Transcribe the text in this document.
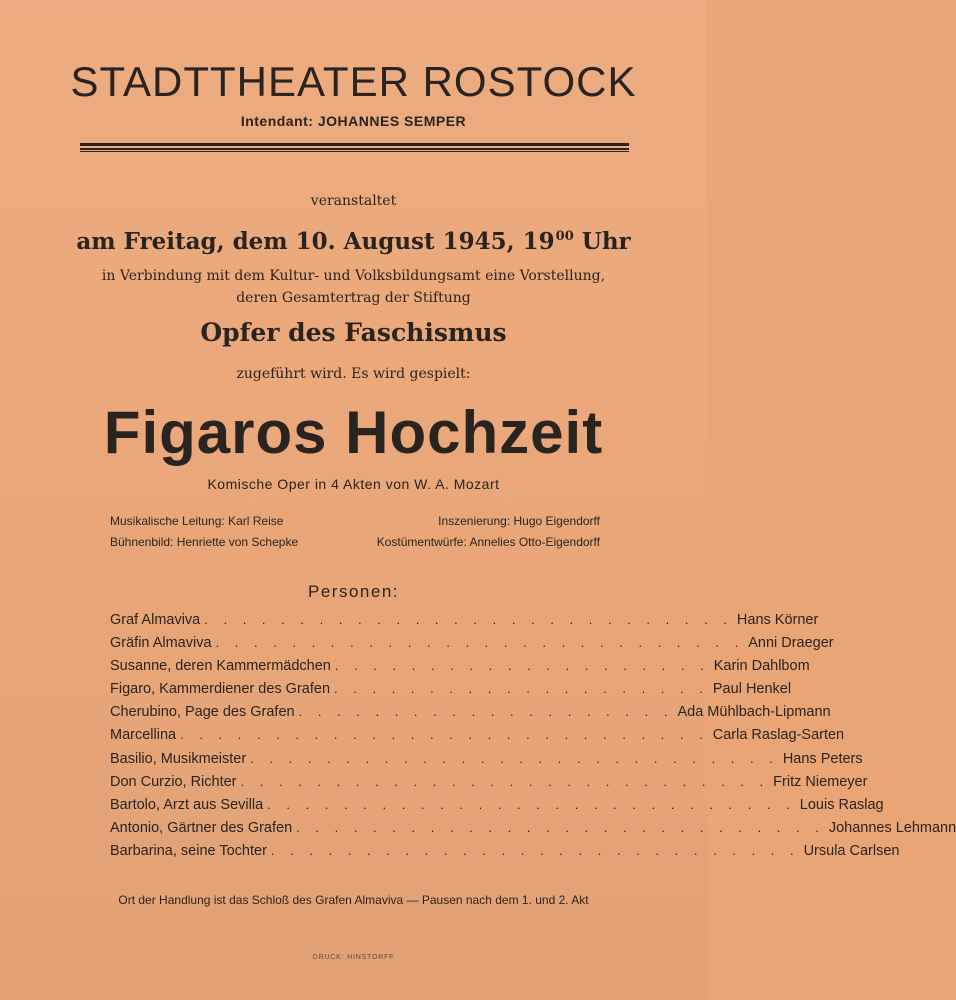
STADTTHEATER ROSTOCK
Intendant: JOHANNES SEMPER
veranstaltet
am Freitag, dem 10. August 1945, $19^{00}$ Uhr
in Verbindung mit dem Kultur- und Volksbildungsamt eine Vorstellung,
deren Gesamtertrag der Stiftung
Opfer des Faschismus
zugeführt wird. Es wird gespielt:
Figaros Hochzeit
Komische Oper in 4 Akten von W. A. Mozart
Musikalische Leitung: Karl Reise	Inszenierung: Hugo Eigendorff
Bühnenbild: Henriette von Schepke	Kostümentwürfe: Annelies Otto-Eigendorff
Personen:
Graf Almaviva . . . . . . . . . . . . . . . . . . . . . . . . . . . . Hans Körner
Gräfin Almaviva . . . . . . . . . . . . . . . . . . . . . . . . . . . . Anni Draeger
Susanne, deren Kammermädchen . . . . . . . . . . . . . . . . . . . . Karin Dahlbom
Figaro, Kammerdiener des Grafen . . . . . . . . . . . . . . . . . . . . Paul Henkel
Cherubino, Page des Grafen . . . . . . . . . . . . . . . . . . . . Ada Mühlbach-Lipmann
Marcellina . . . . . . . . . . . . . . . . . . . . . . . . . . . . Carla Raslag-Sarten
Basilio, Musikmeister . . . . . . . . . . . . . . . . . . . . . . . . . . . . Hans Peters
Don Curzio, Richter . . . . . . . . . . . . . . . . . . . . . . . . . . . . Fritz Niemeyer
Bartolo, Arzt aus Sevilla . . . . . . . . . . . . . . . . . . . . . . . . . . . . Louis Raslag
Antonio, Gärtner des Grafen . . . . . . . . . . . . . . . . . . . . . . . . . . . . Johannes Lehmann
Barbarina, seine Tochter . . . . . . . . . . . . . . . . . . . . . . . . . . . . Ursula Carlsen
Ort der Handlung ist das Schloß des Grafen Almaviva — Pausen nach dem 1. und 2. Akt
DRUCK: HINSTORFF
